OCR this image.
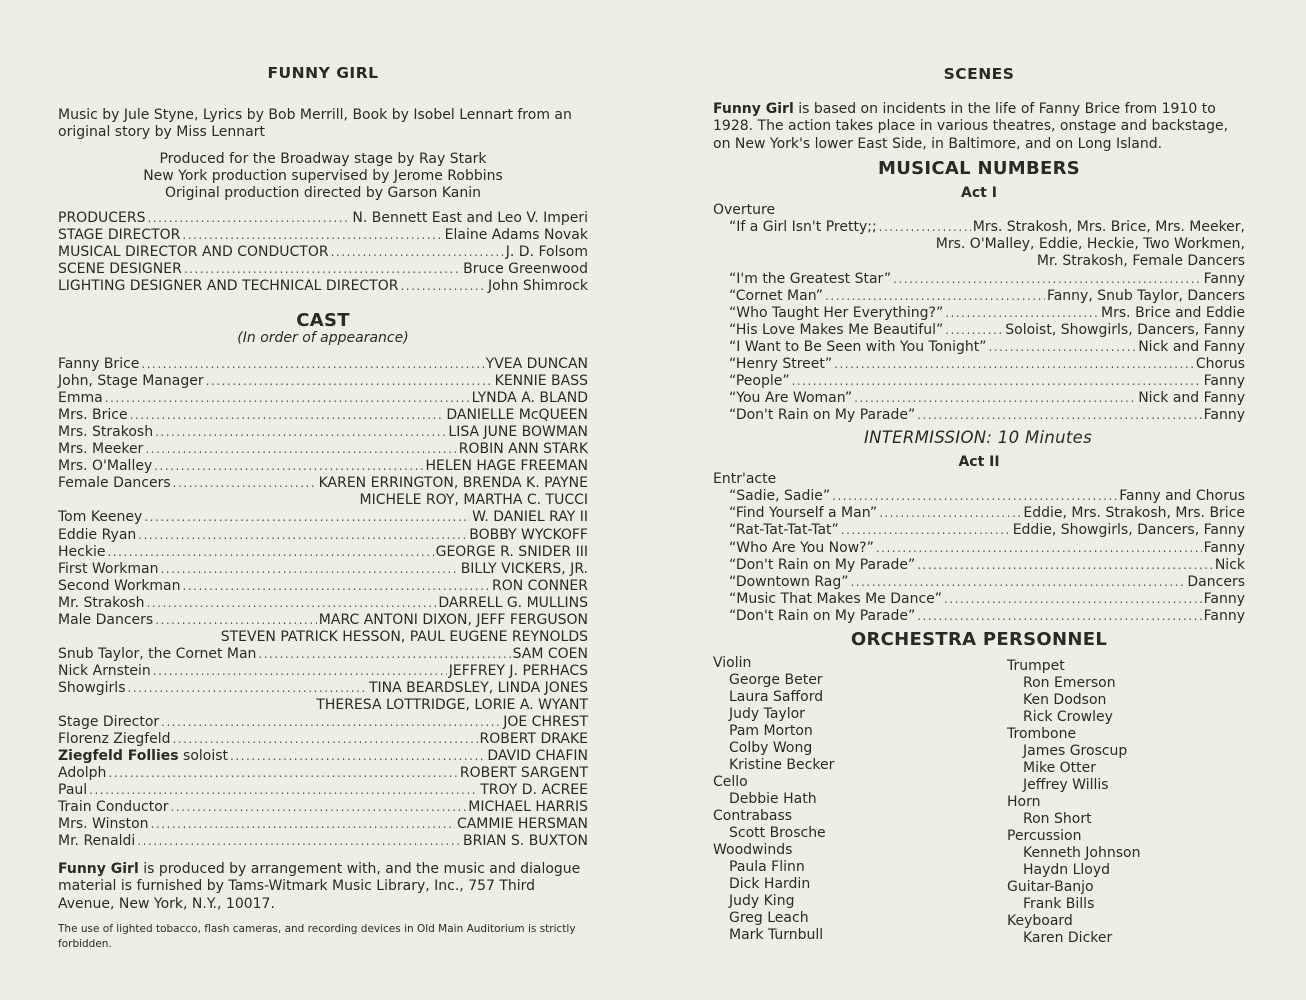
FUNNY GIRL
Music by Jule Styne, Lyrics by Bob Merrill, Book by Isobel Lennart from an original story by Miss Lennart
Produced for the Broadway stage by Ray Stark
New York production supervised by Jerome Robbins
Original production directed by Garson Kanin
PRODUCERS .....	N. Bennett East and Leo V. Imperi
STAGE DIRECTOR .....	Elaine Adams Novak
MUSICAL DIRECTOR AND CONDUCTOR .....	J. D. Folsom
SCENE DESIGNER .....	Bruce Greenwood
LIGHTING DESIGNER AND TECHNICAL DIRECTOR .....	John Shimrock
CAST
(In order of appearance)
Fanny Brice .....	YVEA DUNCAN
John, Stage Manager .....	KENNIE BASS
Emma .....	LYNDA A. BLAND
Mrs. Brice .....	DANIELLE McQUEEN
Mrs. Strakosh .....	LISA JUNE BOWMAN
Mrs. Meeker .....	ROBIN ANN STARK
Mrs. O'Malley .....	HELEN HAGE FREEMAN
Female Dancers .....	KAREN ERRINGTON, BRENDA K. PAYNE
MICHELE ROY, MARTHA C. TUCCI
Tom Keeney .....	W. DANIEL RAY II
Eddie Ryan .....	BOBBY WYCKOFF
Heckie .....	GEORGE R. SNIDER III
First Workman .....	BILLY VICKERS, JR.
Second Workman .....	RON CONNER
Mr. Strakosh .....	DARRELL G. MULLINS
Male Dancers .....	MARC ANTONI DIXON, JEFF FERGUSON
STEVEN PATRICK HESSON, PAUL EUGENE REYNOLDS
Snub Taylor, the Cornet Man .....	SAM COEN
Nick Arnstein .....	JEFFREY J. PERHACS
Showgirls .....	TINA BEARDSLEY, LINDA JONES
THERESA LOTTRIDGE, LORIE A. WYANT
Stage Director .....	JOE CHREST
Florenz Ziegfeld .....	ROBERT DRAKE
Ziegfeld Follies soloist .....	DAVID CHAFIN
Adolph .....	ROBERT SARGENT
Paul .....	TROY D. ACREE
Train Conductor .....	MICHAEL HARRIS
Mrs. Winston .....	CAMMIE HERSMAN
Mr. Renaldi .....	BRIAN S. BUXTON
Funny Girl is produced by arrangement with, and the music and dialogue material is furnished by Tams-Witmark Music Library, Inc., 757 Third Avenue, New York, N.Y., 10017.
The use of lighted tobacco, flash cameras, and recording devices in Old Main Auditorium is strictly forbidden.
SCENES
Funny Girl is based on incidents in the life of Fanny Brice from 1910 to 1928. The action takes place in various theatres, onstage and backstage, on New York's lower East Side, in Baltimore, and on Long Island.
MUSICAL NUMBERS
Act I
Overture
“If a Girl Isn't Pretty;; .....	Mrs. Strakosh, Mrs. Brice, Mrs. Meeker,
Mrs. O'Malley, Eddie, Heckie, Two Workmen,
Mr. Strakosh, Female Dancers
“I'm the Greatest Star” .....	Fanny
“Cornet Man” .....	Fanny, Snub Taylor, Dancers
“Who Taught Her Everything?” .....	Mrs. Brice and Eddie
“His Love Makes Me Beautiful” .....	Soloist, Showgirls, Dancers, Fanny
“I Want to Be Seen with You Tonight” .....	Nick and Fanny
“Henry Street” .....	Chorus
“People” .....	Fanny
“You Are Woman” .....	Nick and Fanny
“Don't Rain on My Parade” .....	Fanny
INTERMISSION: 10 Minutes
Act II
Entr'acte
“Sadie, Sadie” .....	Fanny and Chorus
“Find Yourself a Man” .....	Eddie, Mrs. Strakosh, Mrs. Brice
“Rat-Tat-Tat-Tat” .....	Eddie, Showgirls, Dancers, Fanny
“Who Are You Now?” .....	Fanny
“Don't Rain on My Parade” .....	Nick
“Downtown Rag” .....	Dancers
“Music That Makes Me Dance” .....	Fanny
“Don't Rain on My Parade” .....	Fanny
ORCHESTRA PERSONNEL
Violin
George Beter
Laura Safford
Judy Taylor
Pam Morton
Colby Wong
Kristine Becker
Cello
Debbie Hath
Contrabass
Scott Brosche
Woodwinds
Paula Flinn
Dick Hardin
Judy King
Greg Leach
Mark Turnbull
Trumpet
Ron Emerson
Ken Dodson
Rick Crowley
Trombone
James Groscup
Mike Otter
Jeffrey Willis
Horn
Ron Short
Percussion
Kenneth Johnson
Haydn Lloyd
Guitar-Banjo
Frank Bills
Keyboard
Karen Dicker
